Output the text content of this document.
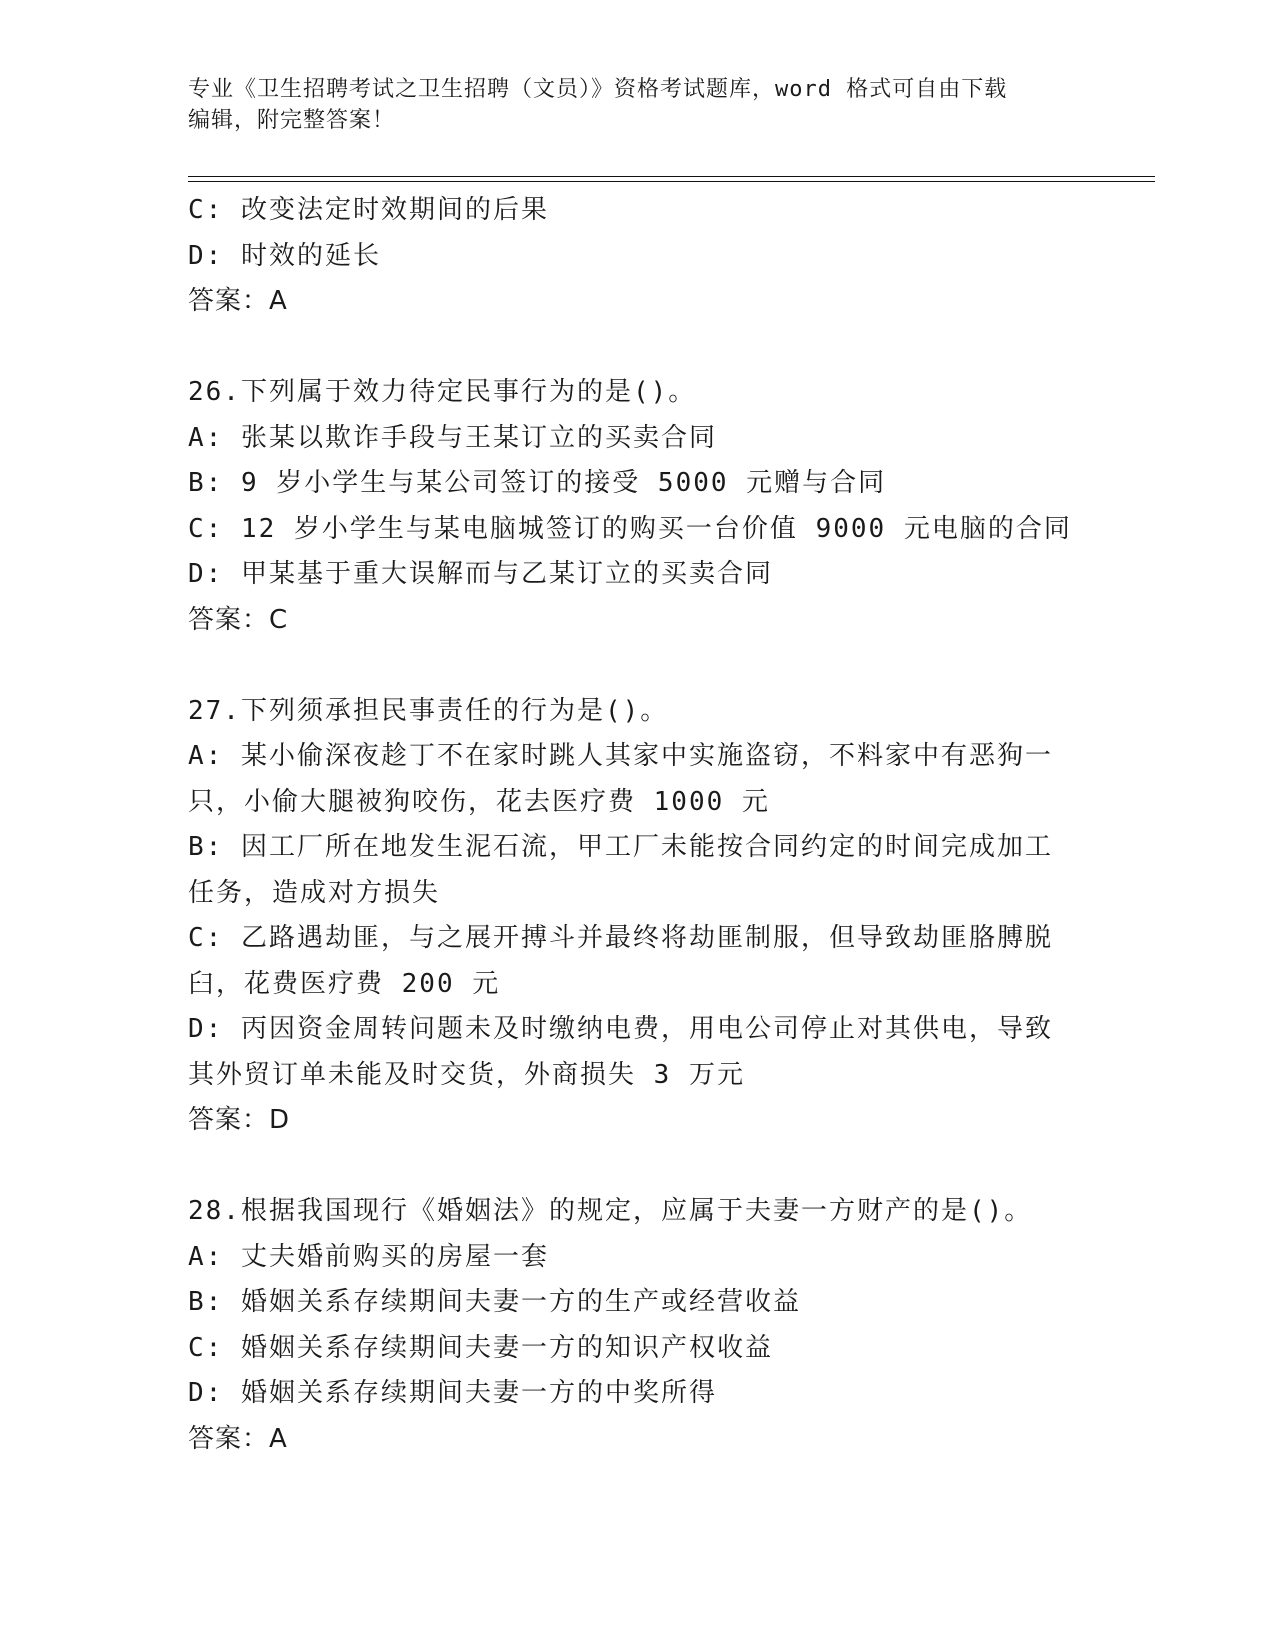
专业《卫生招聘考试之卫生招聘（文员）》资格考试题库，word 格式可自由下载
编辑，附完整答案！
C: 改变法定时效期间的后果
D: 时效的延长
答案：A
26.下列属于效力待定民事行为的是()。
A: 张某以欺诈手段与王某订立的买卖合同
B: 9 岁小学生与某公司签订的接受 5000 元赠与合同
C: 12 岁小学生与某电脑城签订的购买一台价值 9000 元电脑的合同
D: 甲某基于重大误解而与乙某订立的买卖合同
答案：C
27.下列须承担民事责任的行为是()。
A: 某小偷深夜趁丁不在家时跳人其家中实施盗窃，不料家中有恶狗一
只，小偷大腿被狗咬伤，花去医疗费 1000 元
B: 因工厂所在地发生泥石流，甲工厂未能按合同约定的时间完成加工
任务，造成对方损失
C: 乙路遇劫匪，与之展开搏斗并最终将劫匪制服，但导致劫匪胳膊脱
臼，花费医疗费 200 元
D: 丙因资金周转问题未及时缴纳电费，用电公司停止对其供电，导致
其外贸订单未能及时交货，外商损失 3 万元
答案：D
28.根据我国现行《婚姻法》的规定，应属于夫妻一方财产的是()。
A: 丈夫婚前购买的房屋一套
B: 婚姻关系存续期间夫妻一方的生产或经营收益
C: 婚姻关系存续期间夫妻一方的知识产权收益
D: 婚姻关系存续期间夫妻一方的中奖所得
答案：A
